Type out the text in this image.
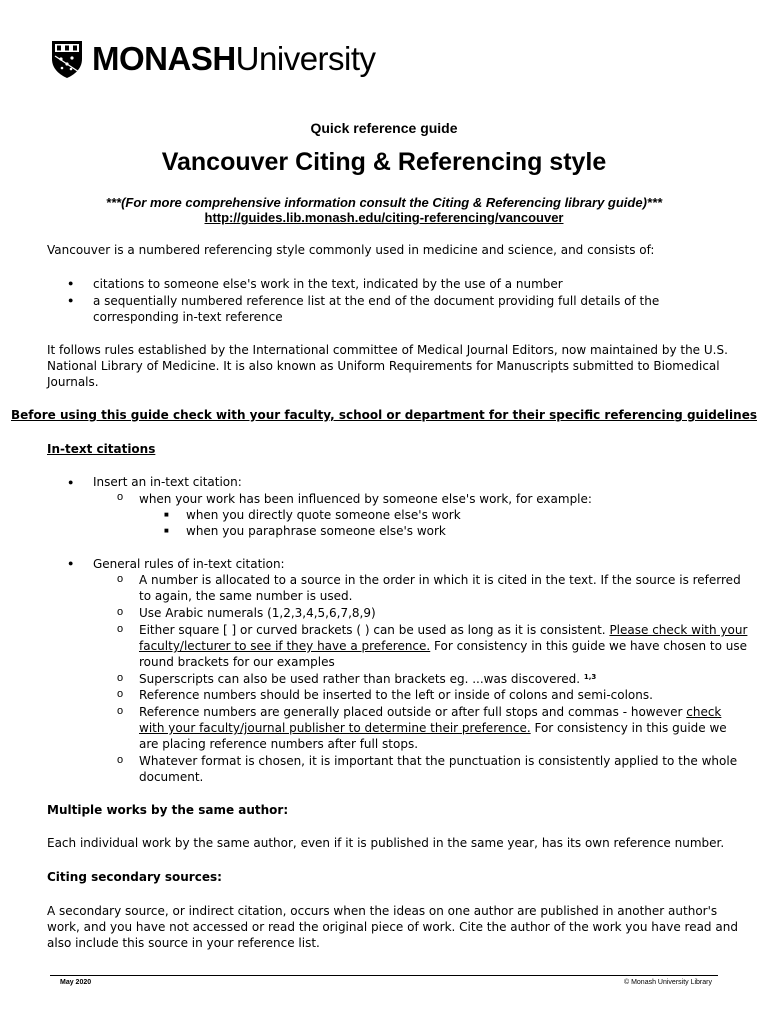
MONASHUniversity
Quick reference guide
Vancouver Citing & Referencing style
***(For more comprehensive information consult the Citing & Referencing library guide)***
http://guides.lib.monash.edu/citing-referencing/vancouver
Vancouver is a numbered referencing style commonly used in medicine and science, and consists of:
● citations to someone else's work in the text, indicated by the use of a number
● a sequentially numbered reference list at the end of the document providing full details of the
corresponding in-text reference
It follows rules established by the International committee of Medical Journal Editors, now maintained by the U.S.
National Library of Medicine. It is also known as Uniform Requirements for Manuscripts submitted to Biomedical
Journals.
Before using this guide check with your faculty, school or department for their specific referencing guidelines
In-text citations
● Insert an in-text citation:
o when your work has been influenced by someone else's work, for example:
■ when you directly quote someone else's work
■ when you paraphrase someone else's work
● General rules of in-text citation:
o A number is allocated to a source in the order in which it is cited in the text. If the source is referred
to again, the same number is used.
o Use Arabic numerals (1,2,3,4,5,6,7,8,9)
o Either square [ ] or curved brackets ( ) can be used as long as it is consistent. Please check with your
faculty/lecturer to see if they have a preference. For consistency in this guide we have chosen to use
round brackets for our examples
o Superscripts can also be used rather than brackets eg. ...was discovered. $^{1,3}$
o Reference numbers should be inserted to the left or inside of colons and semi-colons.
o Reference numbers are generally placed outside or after full stops and commas - however check
with your faculty/journal publisher to determine their preference. For consistency in this guide we
are placing reference numbers after full stops.
o Whatever format is chosen, it is important that the punctuation is consistently applied to the whole
document.
Multiple works by the same author:
Each individual work by the same author, even if it is published in the same year, has its own reference number.
Citing secondary sources:
A secondary source, or indirect citation, occurs when the ideas on one author are published in another author's
work, and you have not accessed or read the original piece of work. Cite the author of the work you have read and
also include this source in your reference list.
May 2020	© Monash University Library
